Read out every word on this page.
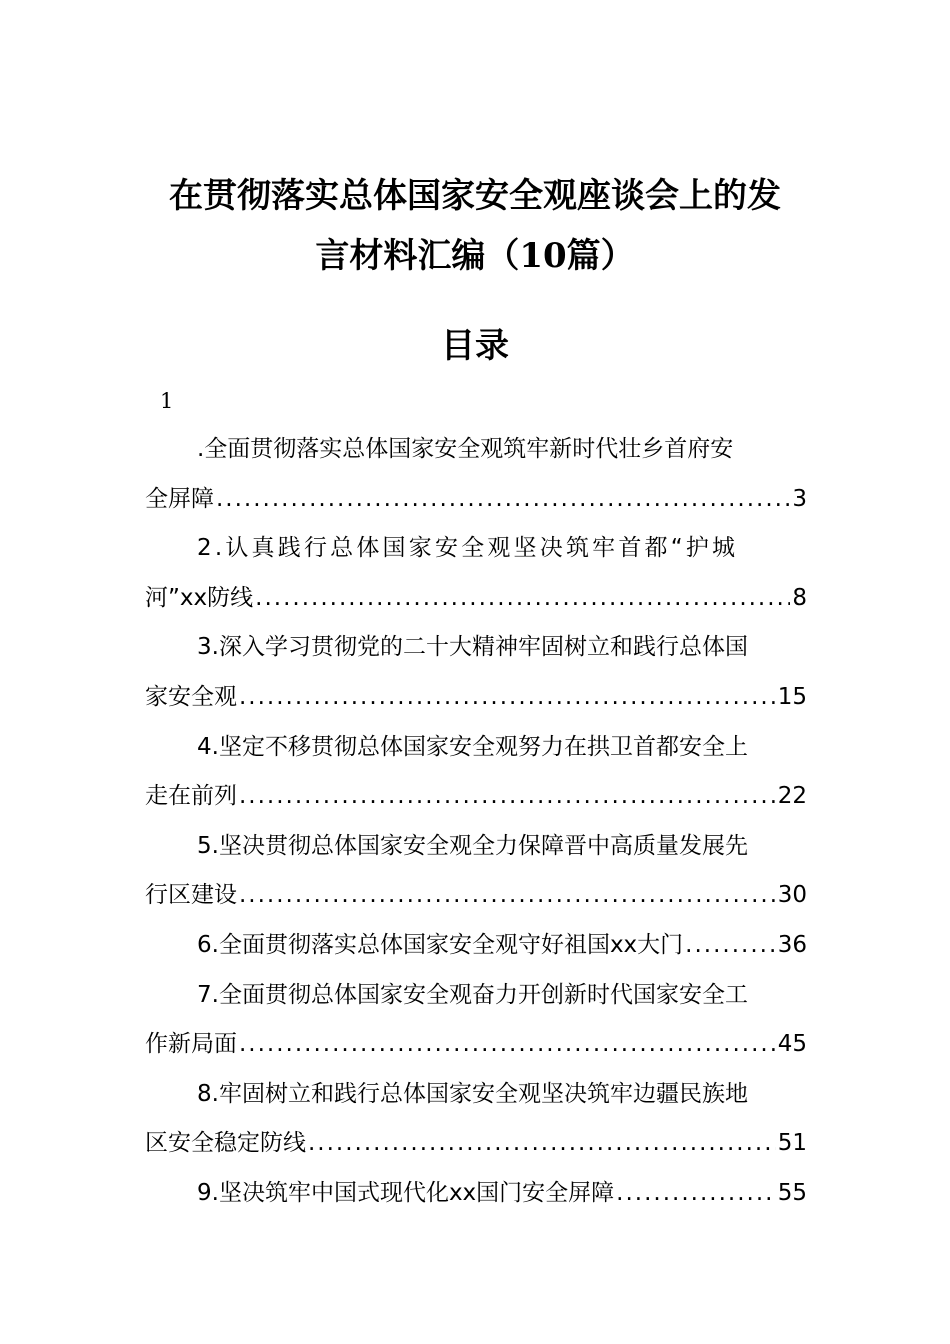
在贯彻落实总体国家安全观座谈会上的发
言材料汇编（10篇）
目录
1
.全面贯彻落实总体国家安全观筑牢新时代壮乡首府安
全屏障 .....	3
2.认真践行总体国家安全观坚决筑牢首都“护城
河”xx防线 .....	8
3.深入学习贯彻党的二十大精神牢固树立和践行总体国
家安全观 .....	15
4.坚定不移贯彻总体国家安全观努力在拱卫首都安全上
走在前列 .....	22
5.坚决贯彻总体国家安全观全力保障晋中高质量发展先
行区建设 .....	30
6.全面贯彻落实总体国家安全观守好祖国xx大门 .....	36
7.全面贯彻总体国家安全观奋力开创新时代国家安全工
作新局面 .....	45
8.牢固树立和践行总体国家安全观坚决筑牢边疆民族地
区安全稳定防线 .....	51
9.坚决筑牢中国式现代化xx国门安全屏障 .....	55
